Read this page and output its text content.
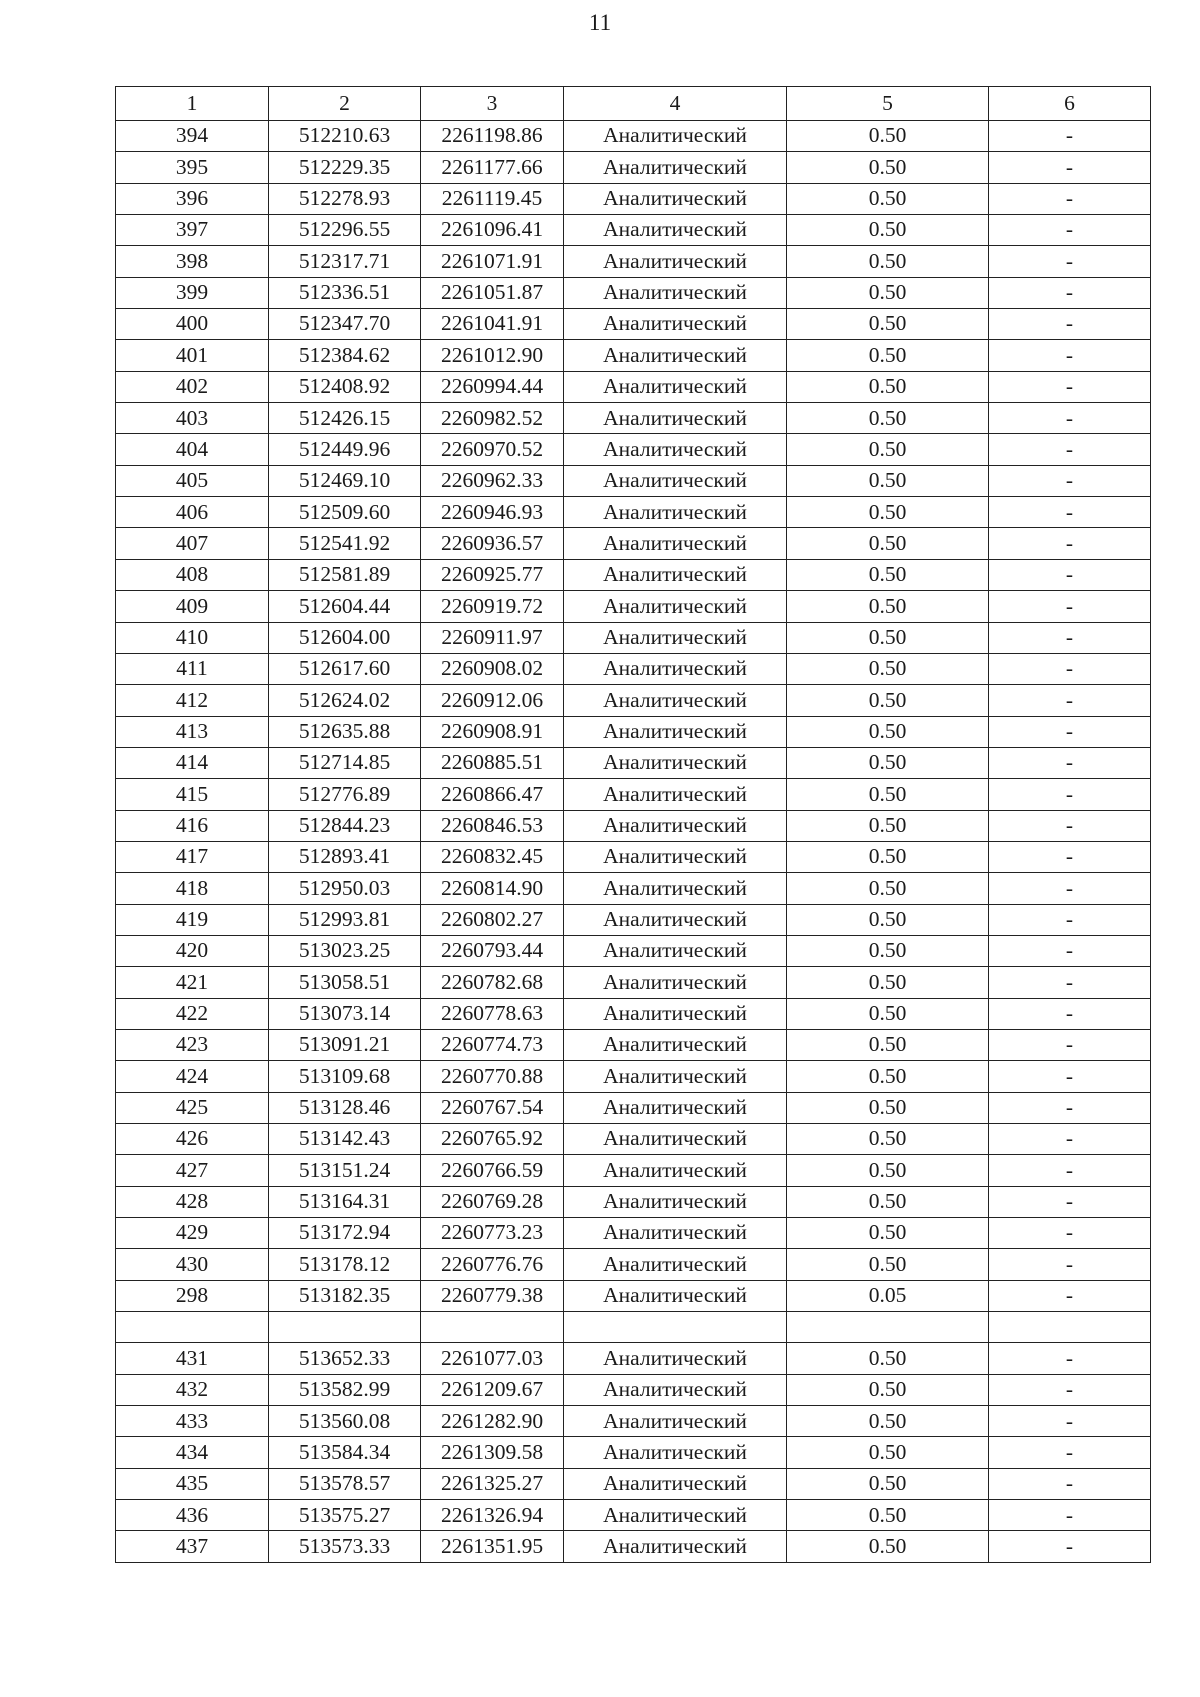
11
1	2	3	4	5	6
394	512210.63	2261198.86	Аналитический	0.50	-
395	512229.35	2261177.66	Аналитический	0.50	-
396	512278.93	2261119.45	Аналитический	0.50	-
397	512296.55	2261096.41	Аналитический	0.50	-
398	512317.71	2261071.91	Аналитический	0.50	-
399	512336.51	2261051.87	Аналитический	0.50	-
400	512347.70	2261041.91	Аналитический	0.50	-
401	512384.62	2261012.90	Аналитический	0.50	-
402	512408.92	2260994.44	Аналитический	0.50	-
403	512426.15	2260982.52	Аналитический	0.50	-
404	512449.96	2260970.52	Аналитический	0.50	-
405	512469.10	2260962.33	Аналитический	0.50	-
406	512509.60	2260946.93	Аналитический	0.50	-
407	512541.92	2260936.57	Аналитический	0.50	-
408	512581.89	2260925.77	Аналитический	0.50	-
409	512604.44	2260919.72	Аналитический	0.50	-
410	512604.00	2260911.97	Аналитический	0.50	-
411	512617.60	2260908.02	Аналитический	0.50	-
412	512624.02	2260912.06	Аналитический	0.50	-
413	512635.88	2260908.91	Аналитический	0.50	-
414	512714.85	2260885.51	Аналитический	0.50	-
415	512776.89	2260866.47	Аналитический	0.50	-
416	512844.23	2260846.53	Аналитический	0.50	-
417	512893.41	2260832.45	Аналитический	0.50	-
418	512950.03	2260814.90	Аналитический	0.50	-
419	512993.81	2260802.27	Аналитический	0.50	-
420	513023.25	2260793.44	Аналитический	0.50	-
421	513058.51	2260782.68	Аналитический	0.50	-
422	513073.14	2260778.63	Аналитический	0.50	-
423	513091.21	2260774.73	Аналитический	0.50	-
424	513109.68	2260770.88	Аналитический	0.50	-
425	513128.46	2260767.54	Аналитический	0.50	-
426	513142.43	2260765.92	Аналитический	0.50	-
427	513151.24	2260766.59	Аналитический	0.50	-
428	513164.31	2260769.28	Аналитический	0.50	-
429	513172.94	2260773.23	Аналитический	0.50	-
430	513178.12	2260776.76	Аналитический	0.50	-
298	513182.35	2260779.38	Аналитический	0.05	-

431	513652.33	2261077.03	Аналитический	0.50	-
432	513582.99	2261209.67	Аналитический	0.50	-
433	513560.08	2261282.90	Аналитический	0.50	-
434	513584.34	2261309.58	Аналитический	0.50	-
435	513578.57	2261325.27	Аналитический	0.50	-
436	513575.27	2261326.94	Аналитический	0.50	-
437	513573.33	2261351.95	Аналитический	0.50	-
